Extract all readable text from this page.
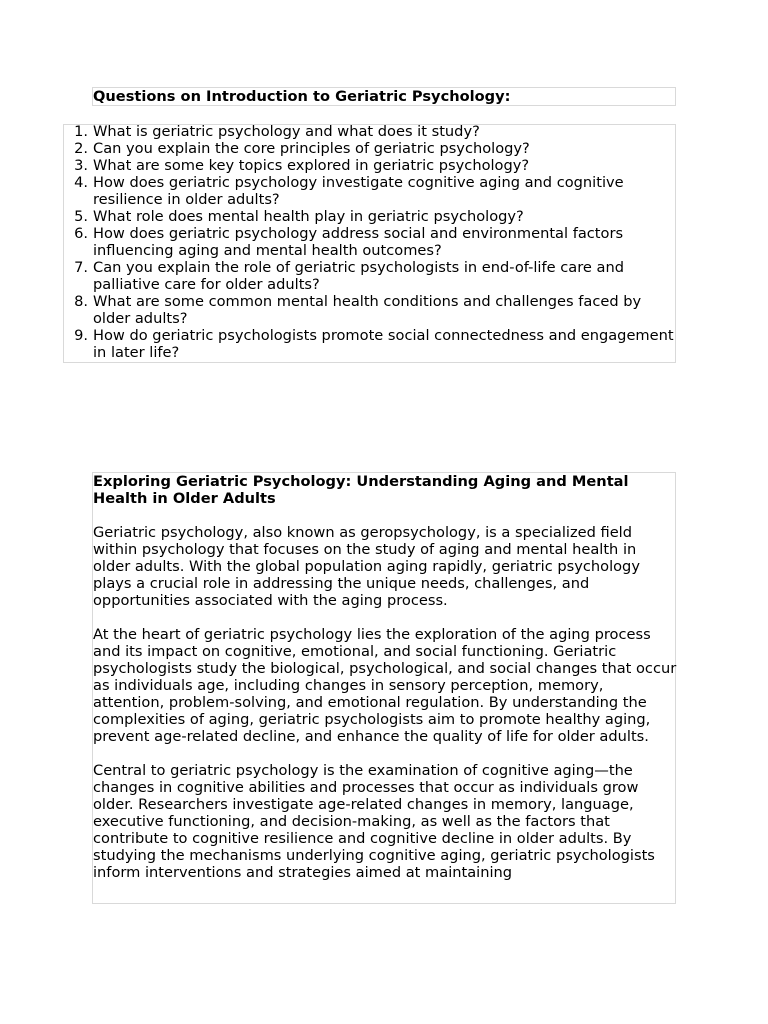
Questions on Introduction to Geriatric Psychology:
1. What is geriatric psychology and what does it study?
2. Can you explain the core principles of geriatric psychology?
3. What are some key topics explored in geriatric psychology?
4. How does geriatric psychology investigate cognitive aging and cognitive resilience in older adults?
5. What role does mental health play in geriatric psychology?
6. How does geriatric psychology address social and environmental factors influencing aging and mental health outcomes?
7. Can you explain the role of geriatric psychologists in end-of-life care and palliative care for older adults?
8. What are some common mental health conditions and challenges faced by older adults?
9. How do geriatric psychologists promote social connectedness and engagement in later life?
Exploring Geriatric Psychology: Understanding Aging and Mental Health in Older Adults

Geriatric psychology, also known as geropsychology, is a specialized field within psychology that focuses on the study of aging and mental health in older adults. With the global population aging rapidly, geriatric psychology plays a crucial role in addressing the unique needs, challenges, and opportunities associated with the aging process.

At the heart of geriatric psychology lies the exploration of the aging process and its impact on cognitive, emotional, and social functioning. Geriatric psychologists study the biological, psychological, and social changes that occur as individuals age, including changes in sensory perception, memory, attention, problem-solving, and emotional regulation. By understanding the complexities of aging, geriatric psychologists aim to promote healthy aging, prevent age-related decline, and enhance the quality of life for older adults.

Central to geriatric psychology is the examination of cognitive aging—the changes in cognitive abilities and processes that occur as individuals grow older. Researchers investigate age-related changes in memory, language, executive functioning, and decision-making, as well as the factors that contribute to cognitive resilience and cognitive decline in older adults. By studying the mechanisms underlying cognitive aging, geriatric psychologists inform interventions and strategies aimed at maintaining
